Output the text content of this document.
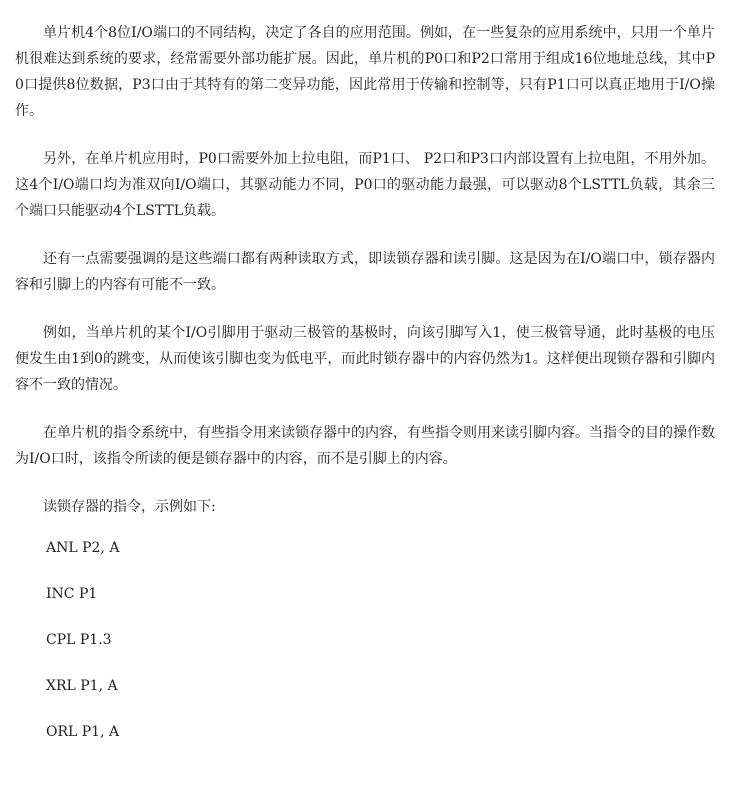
单片机4个8位I/O端口的不同结构，决定了各自的应用范围。例如，在一些复杂的应用系统中，只用一个单片机很难达到系统的要求，经常需要外部功能扩展。因此，单片机的P0口和P2口常用于组成16位地址总线，其中P0口提供8位数据，P3口由于其特有的第二变异功能，因此常用于传输和控制等，只有P1口可以真正地用于I/O操作。

另外，在单片机应用时，P0口需要外加上拉电阻，而P1口、 P2口和P3口内部设置有上拉电阻，不用外加。 这4个I/O端口均为准双向I/O端口，其驱动能力不同，P0口的驱动能力最强，可以驱动8个LSTTL负载，其余三个端口只能驱动4个LSTTL负载。

还有一点需要强调的是这些端口都有两种读取方式，即读锁存器和读引脚。这是因为在I/O端口中，锁存器内容和引脚上的内容有可能不一致。

例如，当单片机的某个I/O引脚用于驱动三极管的基极时，向该引脚写入1，使三极管导通，此时基极的电压便发生由1到0的跳变，从而使该引脚也变为低电平，而此时锁存器中的内容仍然为1。这样便出现锁存器和引脚内容不一致的情况。

在单片机的指令系统中，有些指令用来读锁存器中的内容，有些指令则用来读引脚内容。当指令的目的操作数为I/O口时，该指令所读的便是锁存器中的内容，而不是引脚上的内容。

读锁存器的指令，示例如下:

ANL P2, A

INC P1

CPL P1.3

XRL P1, A

ORL P1, A
